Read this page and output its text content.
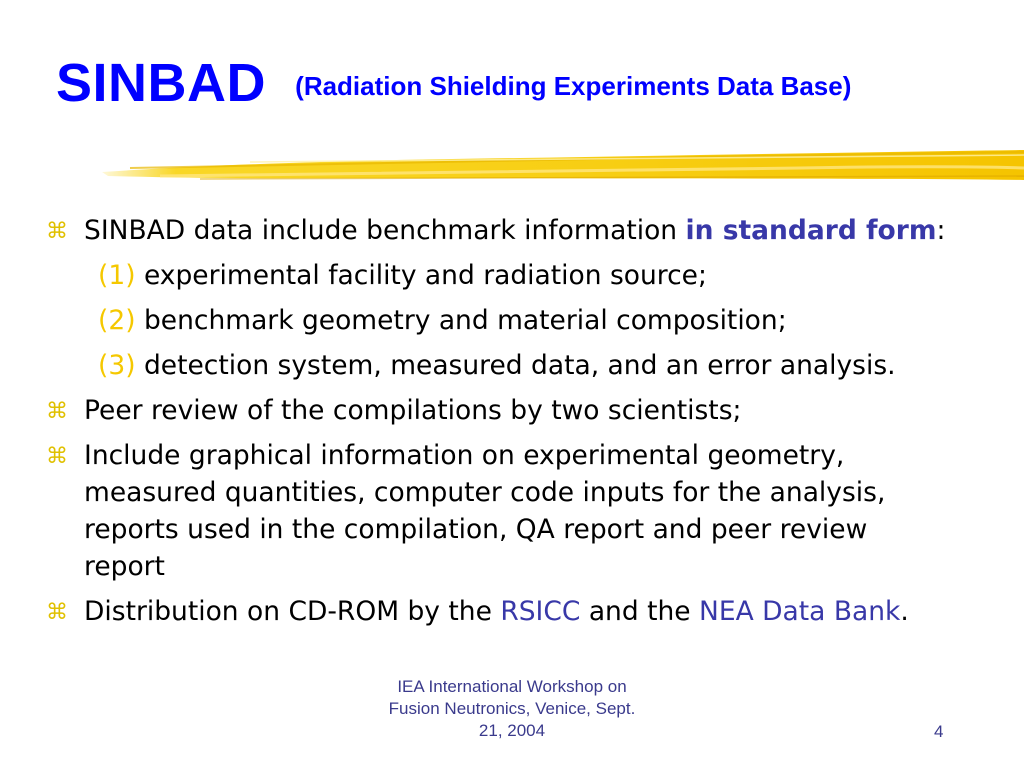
SINBAD (Radiation Shielding Experiments Data Base)
⌘ SINBAD data include benchmark information in standard form:
(1) experimental facility and radiation source;
(2) benchmark geometry and material composition;
(3) detection system, measured data, and an error analysis.
⌘ Peer review of the compilations by two scientists;
⌘ Include graphical information on experimental geometry, measured quantities, computer code inputs for the analysis, reports used in the compilation, QA report and peer review report
⌘ Distribution on CD-ROM by the RSICC and the NEA Data Bank.
IEA International Workshop on
Fusion Neutronics, Venice, Sept.
21, 2004	4
